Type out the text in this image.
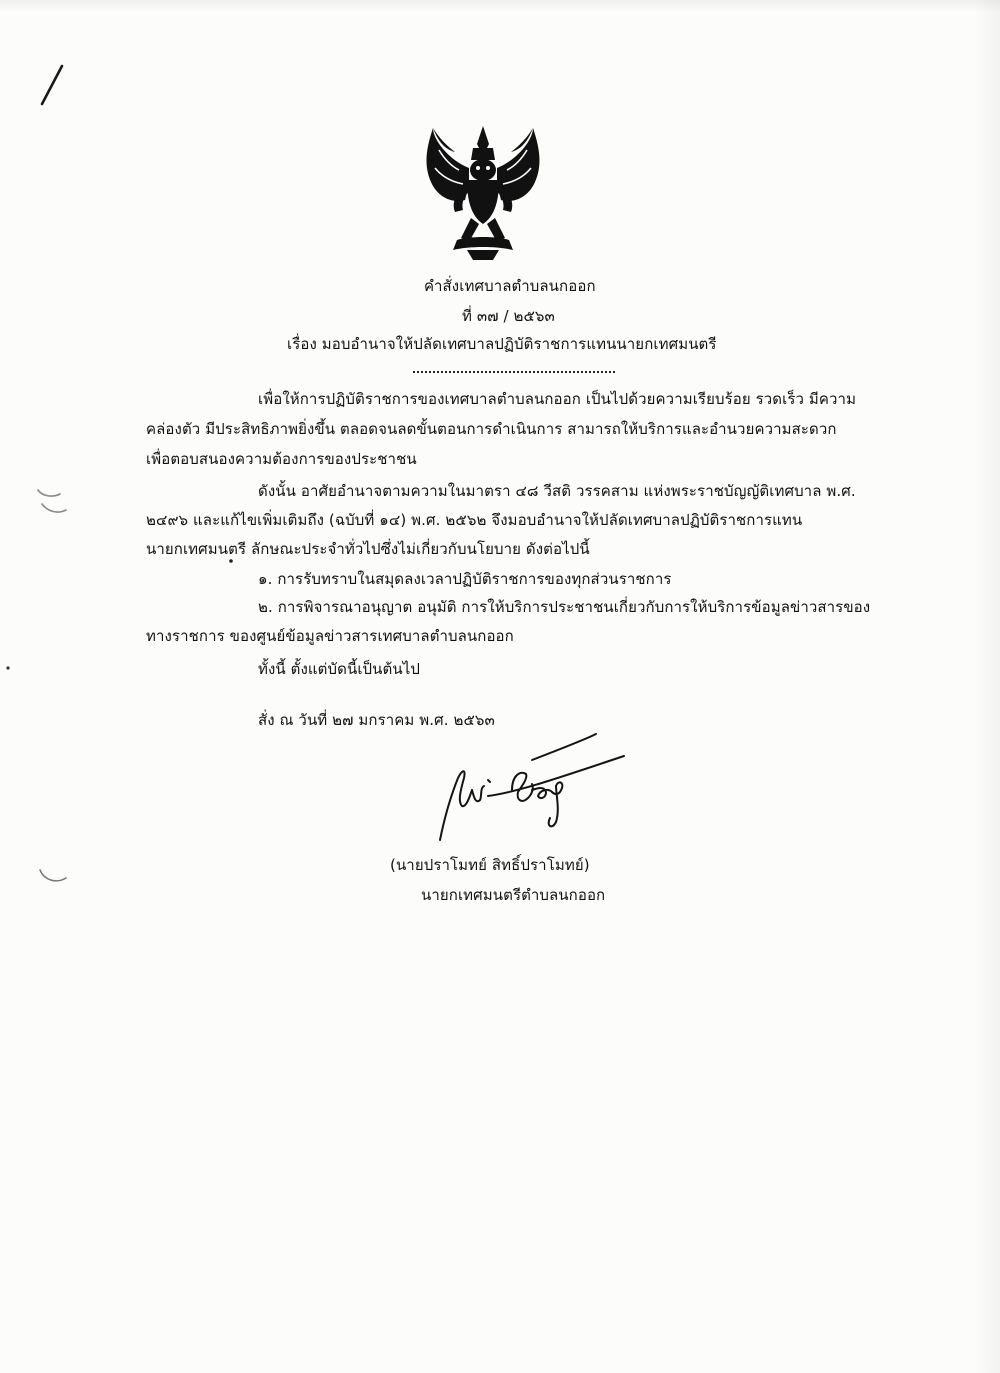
คำสั่งเทศบาลตำบลนกออก
ที่ ๓๗ / ๒๕๖๓
เรื่อง มอบอำนาจให้ปลัดเทศบาลปฏิบัติราชการแทนนายกเทศมนตรี
เพื่อให้การปฏิบัติราชการของเทศบาลตำบลนกออก เป็นไปด้วยความเรียบร้อย รวดเร็ว มีความ
คล่องตัว มีประสิทธิภาพยิ่งขึ้น ตลอดจนลดขั้นตอนการดำเนินการ สามารถให้บริการและอำนวยความสะดวก
เพื่อตอบสนองความต้องการของประชาชน
ดังนั้น อาศัยอำนาจตามความในมาตรา ๔๘ วีสติ วรรคสาม แห่งพระราชบัญญัติเทศบาล พ.ศ.
๒๔๙๖ และแก้ไขเพิ่มเติมถึง (ฉบับที่ ๑๔) พ.ศ. ๒๕๖๒ จึงมอบอำนาจให้ปลัดเทศบาลปฏิบัติราชการแทน
นายกเทศมนตรี ลักษณะประจำทั่วไปซึ่งไม่เกี่ยวกับนโยบาย ดังต่อไปนี้
๑. การรับทราบในสมุดลงเวลาปฏิบัติราชการของทุกส่วนราชการ
๒. การพิจารณาอนุญาต อนุมัติ การให้บริการประชาชนเกี่ยวกับการให้บริการข้อมูลข่าวสารของ
ทางราชการ ของศูนย์ข้อมูลข่าวสารเทศบาลตำบลนกออก
ทั้งนี้ ตั้งแต่บัดนี้เป็นต้นไป
สั่ง ณ วันที่ ๒๗ มกราคม พ.ศ. ๒๕๖๓
(นายปราโมทย์ สิทธิ์ปราโมทย์)
นายกเทศมนตรีตำบลนกออก
